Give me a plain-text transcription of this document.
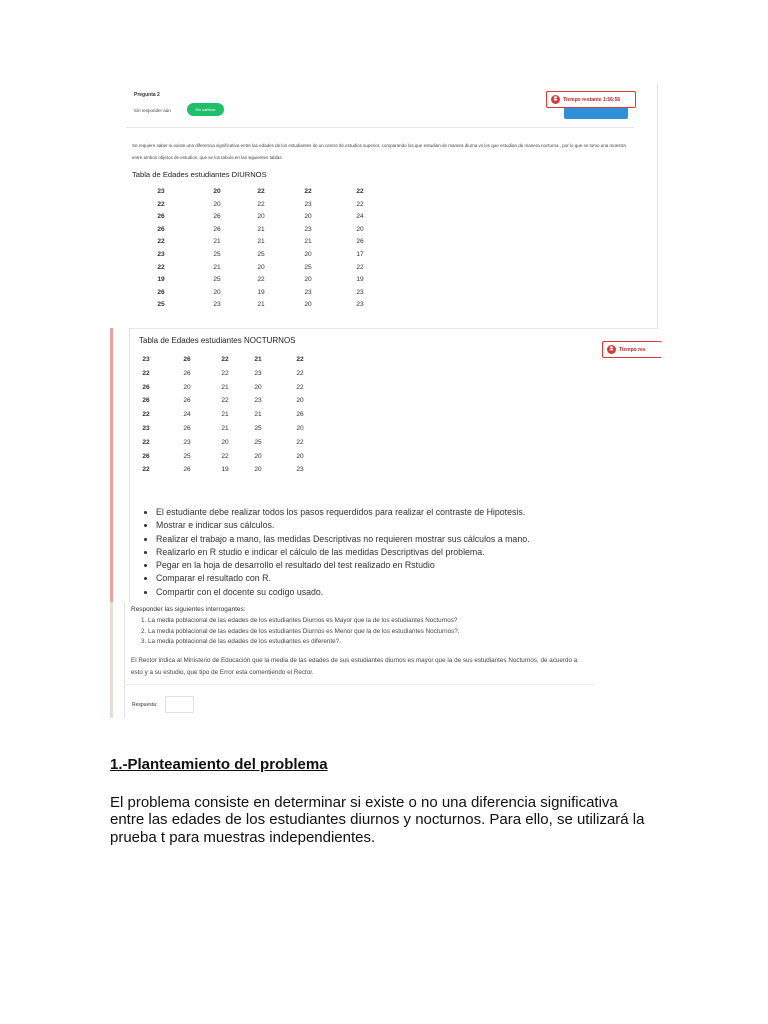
Pregunta 2
Sin responder aún	Sin calificar
⧗	Tiempo restante 1:56:56
Se requiere saber si existe una diferencia significativa entre las edades de los estudiantes de un centro de estudios superior, comparando los que estudian de manera diurna vs los que estudian de manera nocturna , por lo que se tomo una muestra entre ambos objetos de estudios, que se los tabulo en las siguientes tablas.
Tabla de Edades estudiantes DIURNOS
23	20	22	22	22
22	20	22	23	22
26	26	20	20	24
26	26	21	23	20
22	21	21	21	26
23	25	25	20	17
22	21	20	25	22
19	25	22	20	19
26	20	19	23	23
25	23	21	20	23
Tabla de Edades estudiantes NOCTURNOS
⧗	Tiempo res
23	26	22	21	22
22	26	22	23	22
26	20	21	20	22
26	26	22	23	20
22	24	21	21	26
23	26	21	25	20
22	23	20	25	22
26	25	22	20	20
22	26	19	20	23
• El estudiante debe realizar todos los pasos requerdidos para realizar el contraste de Hipotesis.
• Mostrar e indicar sus cálculos.
• Realizar el trabajo a mano, las medidas Descriptivas no requieren mostrar sus cálculos a mano.
• Realizarlo en R studio e indicar el cálculo de las medidas Descriptivas del problema.
• Pegar en la hoja de desarrollo el resultado del test realizado en Rstudio
• Comparar el resultado con R.
• Compartir con el docente su codigo usado.
Responder las siguientes interrogantes:
1. La media poblacional de las edades de los estudiantes Diurnos es Mayor que la de los estudiantes Nocturnos?
2. La media poblacional de las edades de los estudiantes Diurnos es Menor que la de los estudiantes Nocturnos?.
3. La media poblacional de las edades de los estudiantes es diferente?.
El Rector indica al Ministerio de Educación que la media de las edades de sus estudiantes diurnos es mayor que la de sus estudiantes Nocturnos, de acuerdo a esto y a su estudio, que tipo de Error esta comentiendo el Rector.
Respuesta:
1.-Planteamiento del problema
El problema consiste en determinar si existe o no una diferencia significativa entre las edades de los estudiantes diurnos y nocturnos. Para ello, se utilizará la prueba t para muestras independientes.
